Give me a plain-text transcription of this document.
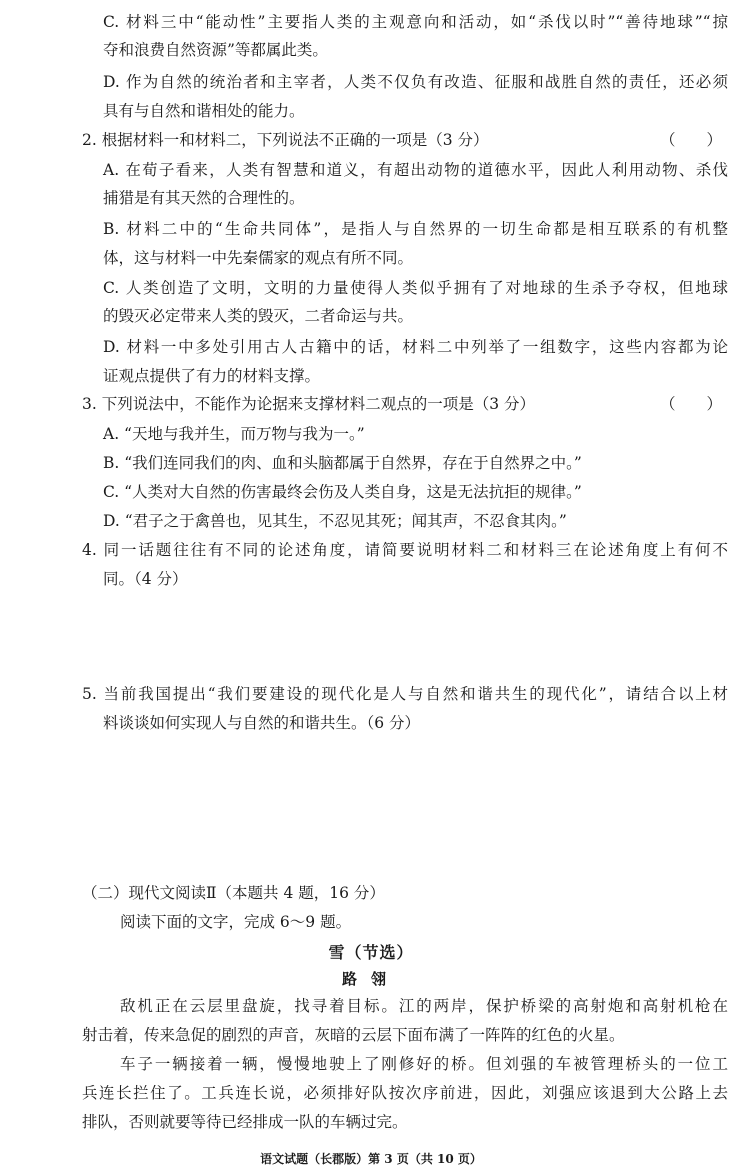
C. 材料三中“能动性”主要指人类的主观意向和活动，如“杀伐以时”“善待地球”“掠
夺和浪费自然资源”等都属此类。
D. 作为自然的统治者和主宰者，人类不仅负有改造、征服和战胜自然的责任，还必须
具有与自然和谐相处的能力。
2. 根据材料一和材料二，下列说法不正确的一项是（3 分）	（　　）
A. 在荀子看来，人类有智慧和道义，有超出动物的道德水平，因此人利用动物、杀伐
捕猎是有其天然的合理性的。
B. 材料二中的“生命共同体”，是指人与自然界的一切生命都是相互联系的有机整
体，这与材料一中先秦儒家的观点有所不同。
C. 人类创造了文明，文明的力量使得人类似乎拥有了对地球的生杀予夺权，但地球
的毁灭必定带来人类的毁灭，二者命运与共。
D. 材料一中多处引用古人古籍中的话，材料二中列举了一组数字，这些内容都为论
证观点提供了有力的材料支撑。
3. 下列说法中，不能作为论据来支撑材料二观点的一项是（3 分）	（　　）
A. “天地与我并生，而万物与我为一。”
B. “我们连同我们的肉、血和头脑都属于自然界，存在于自然界之中。”
C. “人类对大自然的伤害最终会伤及人类自身，这是无法抗拒的规律。”
D. “君子之于禽兽也，见其生，不忍见其死；闻其声，不忍食其肉。”
4. 同一话题往往有不同的论述角度，请简要说明材料二和材料三在论述角度上有何不
同。（4 分）
5. 当前我国提出“我们要建设的现代化是人与自然和谐共生的现代化”，请结合以上材
料谈谈如何实现人与自然的和谐共生。（6 分）
（二）现代文阅读Ⅱ（本题共 4 题，16 分）
阅读下面的文字，完成 6～9 题。
雪（节选）
路翎
敌机正在云层里盘旋，找寻着目标。江的两岸，保护桥梁的高射炮和高射机枪在
射击着，传来急促的剧烈的声音，灰暗的云层下面布满了一阵阵的红色的火星。
车子一辆接着一辆，慢慢地驶上了刚修好的桥。但刘强的车被管理桥头的一位工
兵连长拦住了。工兵连长说，必须排好队按次序前进，因此，刘强应该退到大公路上去
排队，否则就要等待已经排成一队的车辆过完。
语文试题（长郡版）第 3 页（共 10 页）
